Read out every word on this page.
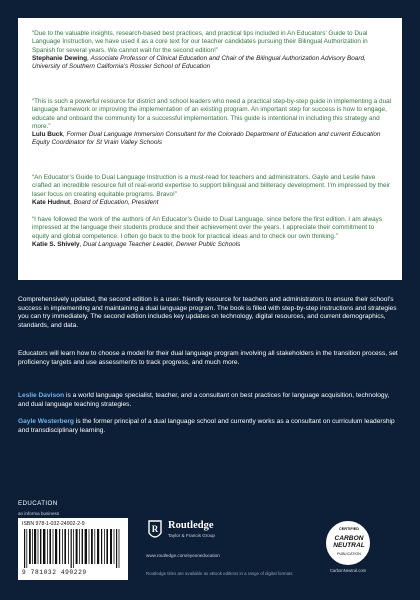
“Due to the valuable insights, research-based best practices, and practical tips included in An Educators’ Guide to Dual Language Instruction, we have used it as a core text for our teacher candidates pursuing their Bilingual Authorization in Spanish for several years. We cannot wait for the second edition!”
Stephanie Dewing, Associate Professor of Clinical Education and Chair of the Bilingual Authorization Advisory Board, University of Southern California’s Rossier School of Education
“This is such a powerful resource for district and school leaders who need a practical step-by-step guide in implementing a dual language framework or improving the implementation of an existing program. An important step for success is how to engage, educate and onboard the community for a successful implementation. This guide is intentional in including this strategy and more.”
Lulu Buck, Former Dual Language Immersion Consultant for the Colorado Department of Education and current Education Equity Coordinator for St Vrain Valley Schools
“An Educator’s Guide to Dual Language Instruction is a must-read for teachers and administrators. Gayle and Leslie have crafted an incredible resource full of real-world expertise to support bilingual and biliteracy development. I’m impressed by their laser focus on creating equitable programs. Bravo!”
Kate Hudnut, Board of Education, President
“I have followed the work of the authors of An Educator’s Guide to Dual Language, since before the first edition. I am always impressed at the language their students produce and their achievement over the years. I appreciate their commitment to equity and global competence. I often go back to the book for practical ideas and to check our own thinking.”
Katie S. Shively, Dual Language Teacher Leader, Denver Public Schools

Comprehensively updated, the second edition is a user- friendly resource for teachers and administrators to ensure their school’s success in implementing and maintaining a dual language program. The book is filled with step-by-step instructions and strategies you can try immediately. The second edition includes key updates on technology, digital resources, and current demographics, standards, and data.

Educators will learn how to choose a model for their dual language program involving all stakeholders in the transition process, set proficiency targets and use assessments to track progress, and much more.

Leslie Davison is a world language specialist, teacher, and a consultant on best practices for language acquisition, technology, and dual language teaching strategies.

Gayle Westerberg is the former principal of a dual language school and currently works as a consultant on curriculum leadership and transdisciplinary learning.

EDUCATION
an informa business
ISBN 978-1-032-24902-2-9
9 781032 490229
R Routledge
Taylor & Francis Group
www.routledge.com/eyeoneducation
Routledge titles are available as eBook editions in a range of digital formats
CERTIFIED
CARBON NEUTRAL
PUBLICATION
CarbonNeutral.com
